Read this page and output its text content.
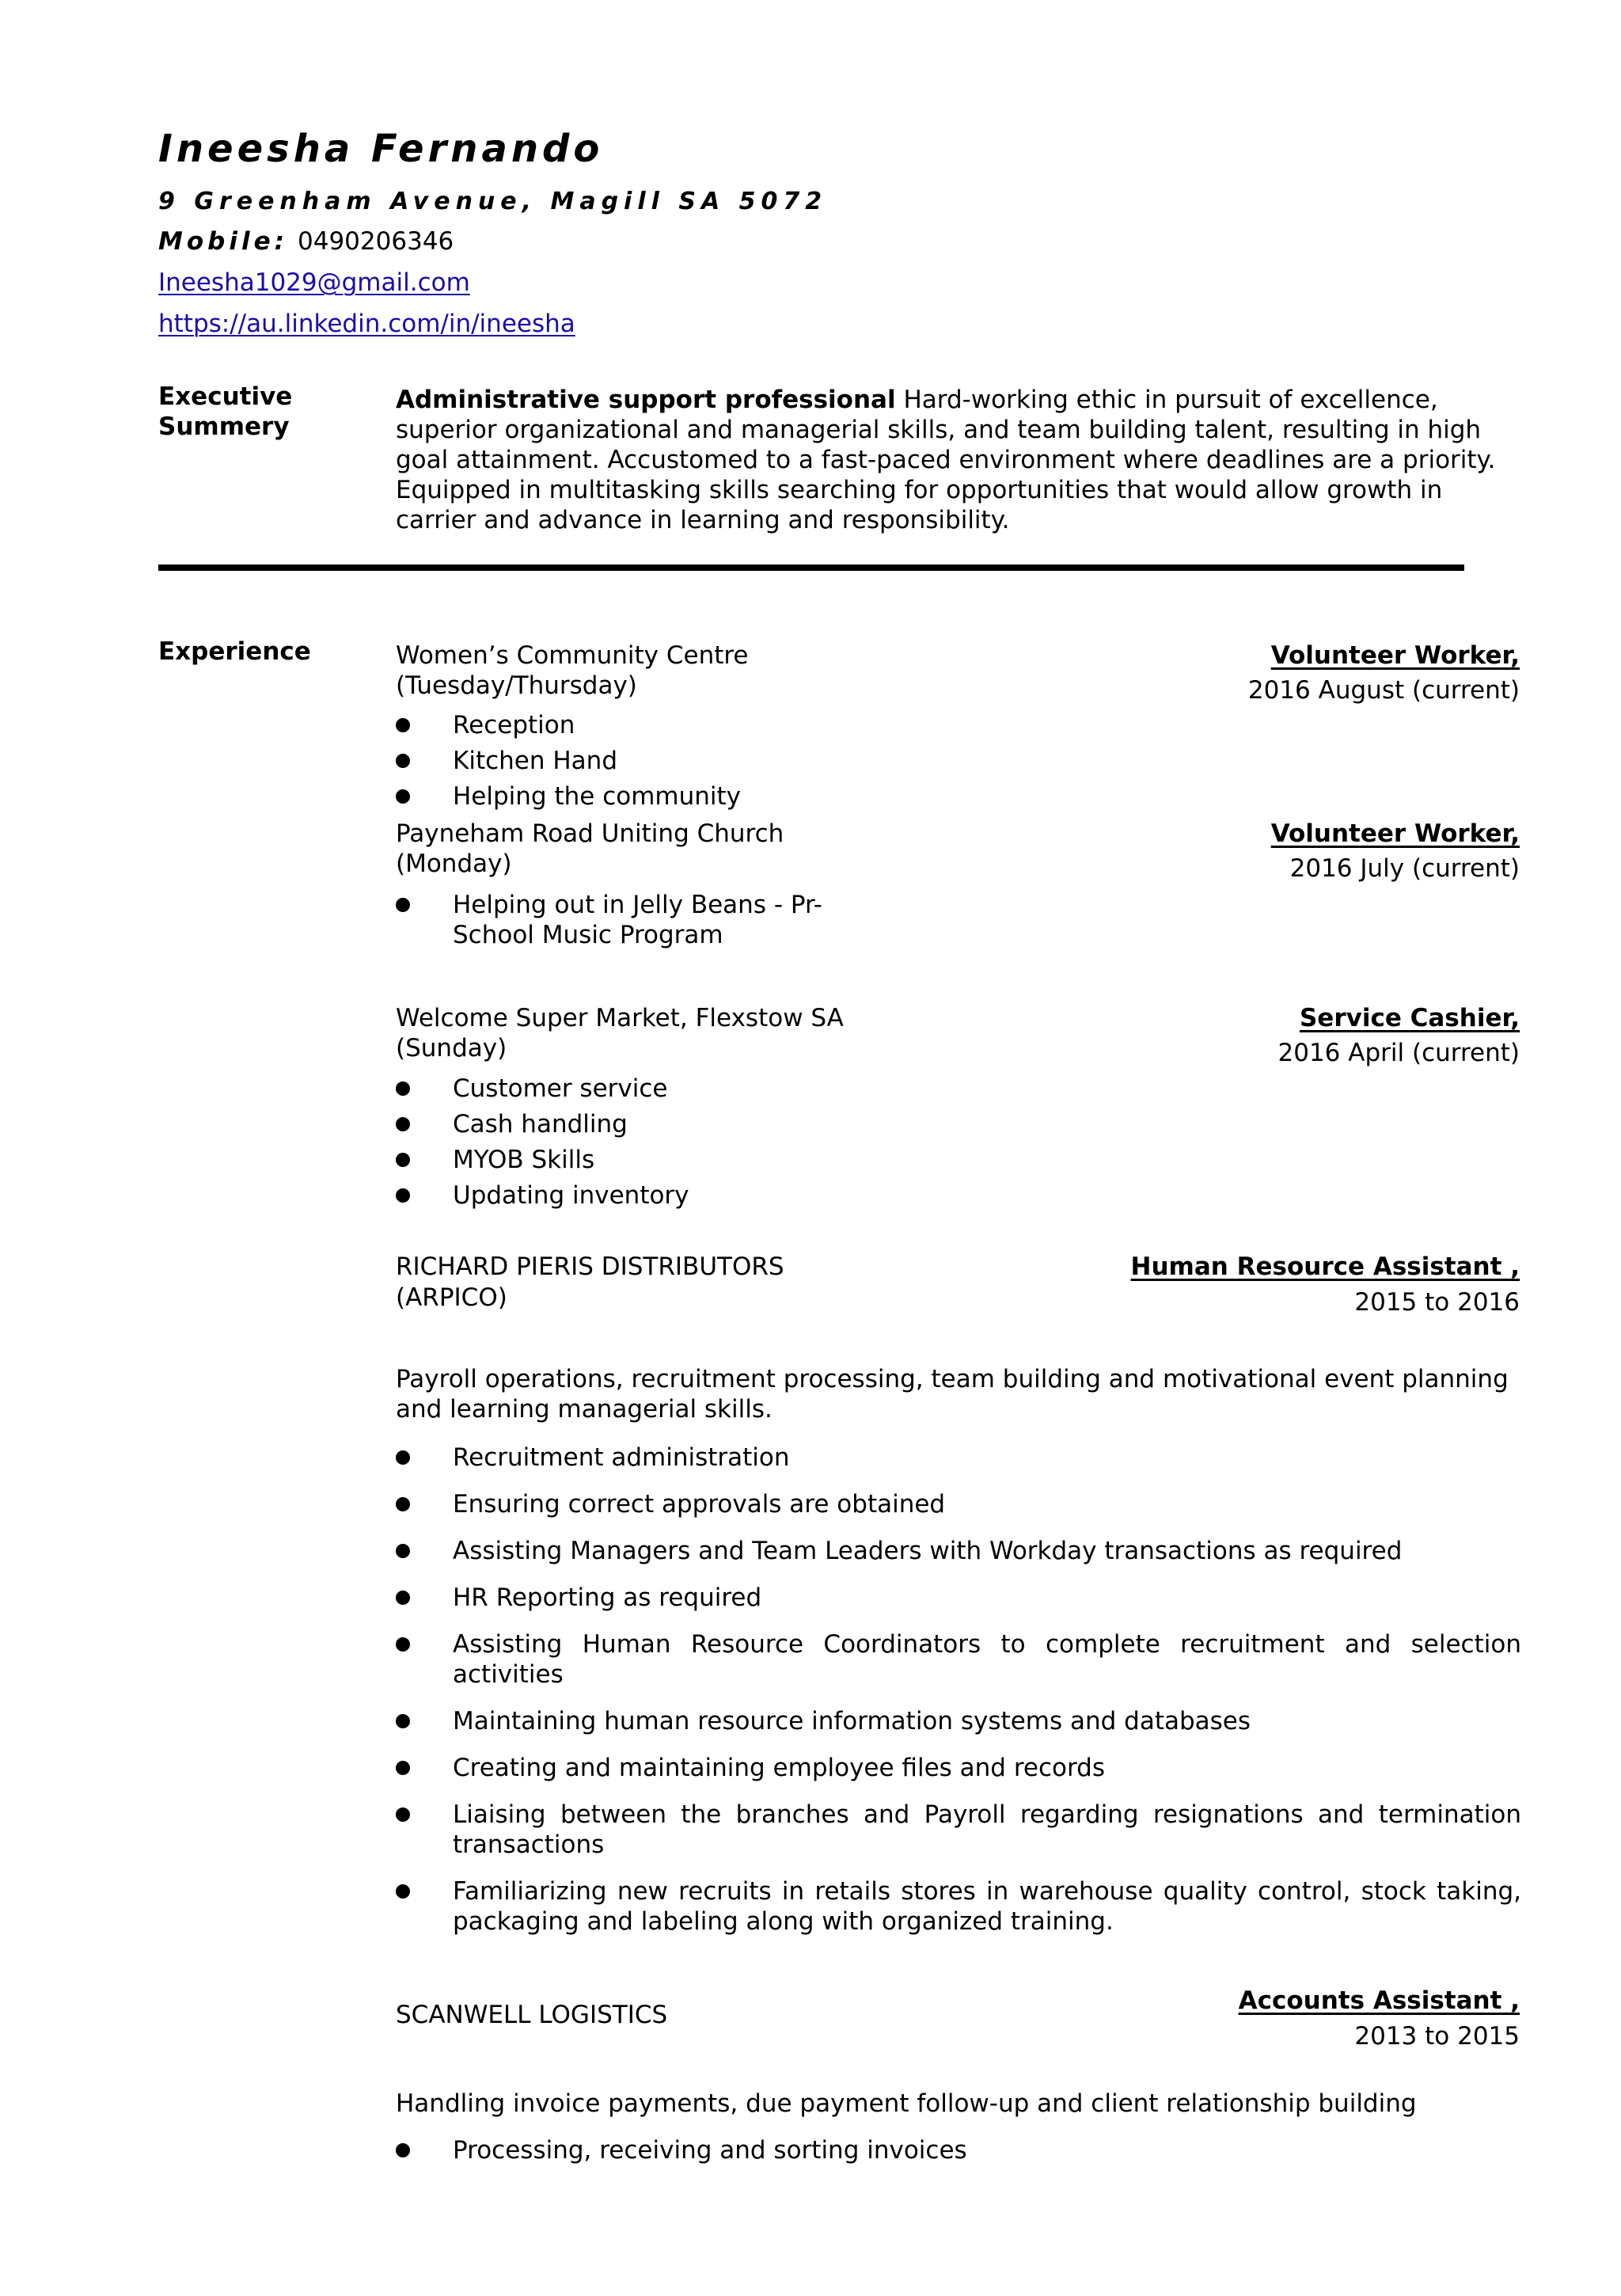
Ineesha Fernando
9 Greenham Avenue, Magill SA 5072
Mobile: 0490206346
Ineesha1029@gmail.com
https://au.linkedin.com/in/ineesha
Executive Summery
Administrative support professional Hard-working ethic in pursuit of excellence, superior organizational and managerial skills, and team building talent, resulting in high goal attainment. Accustomed to a fast-paced environment where deadlines are a priority. Equipped in multitasking skills searching for opportunities that would allow growth in carrier and advance in learning and responsibility.
Experience	Women’s Community Centre
(Tuesday/Thursday)
Volunteer Worker,
2016 August (current)
Reception
Kitchen Hand
Helping the community
Payneham Road Uniting Church
(Monday)
Volunteer Worker,
2016 July (current)
Helping out in Jelly Beans - Pr-School Music Program
Welcome Super Market, Flexstow SA
(Sunday)
Service Cashier,
2016 April (current)
Customer service
Cash handling
MYOB Skills
Updating inventory
RICHARD PIERIS DISTRIBUTORS
(ARPICO)
Human Resource Assistant ,
2015 to 2016
Payroll operations, recruitment processing, team building and motivational event planning and learning managerial skills.
Recruitment administration
Ensuring correct approvals are obtained
Assisting Managers and Team Leaders with Workday transactions as required
HR Reporting as required
Assisting Human Resource Coordinators to complete recruitment and selection activities
Maintaining human resource information systems and databases
Creating and maintaining employee files and records
Liaising between the branches and Payroll regarding resignations and termination transactions
Familiarizing new recruits in retails stores in warehouse quality control, stock taking, packaging and labeling along with organized training.
SCANWELL LOGISTICS	Accounts Assistant ,
2013 to 2015
Handling invoice payments, due payment follow-up and client relationship building
Processing, receiving and sorting invoices
